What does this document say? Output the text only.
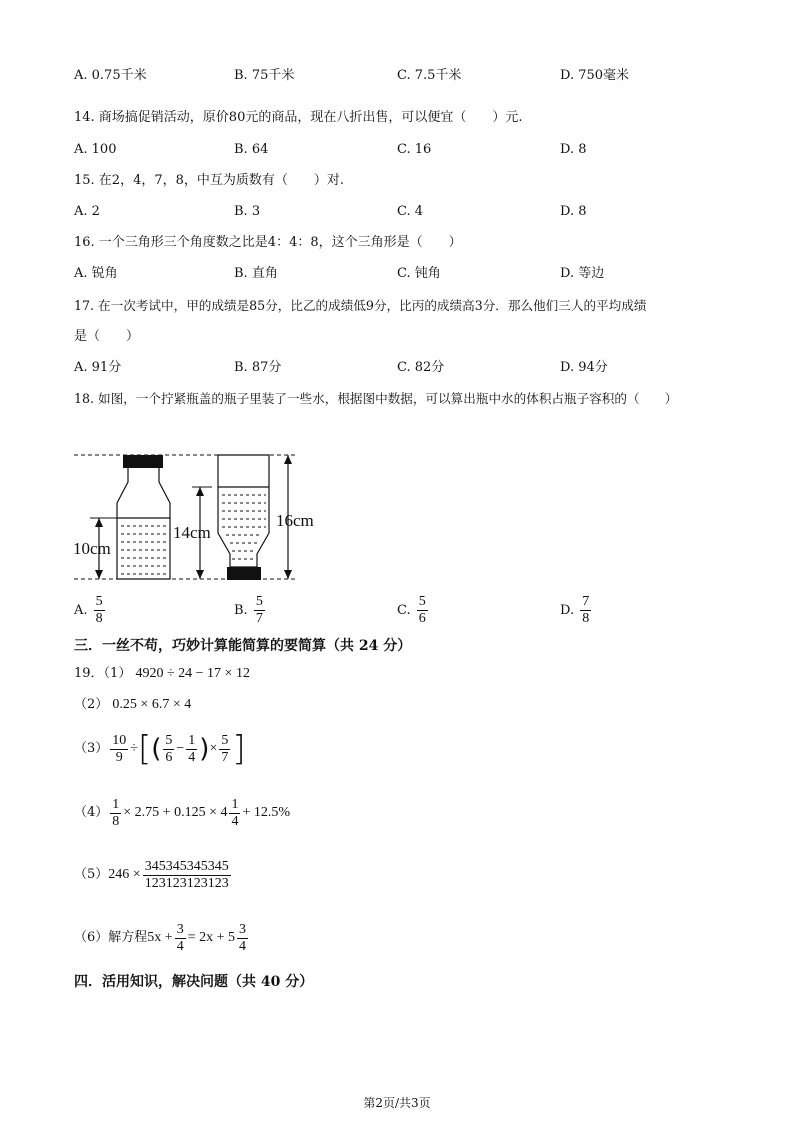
A. 0.75千米	B. 75千米	C. 7.5千米	D. 750毫米
14. 商场搞促销活动，原价80元的商品，现在八折出售，可以便宜（　　）元.
A. 100	B. 64	C. 16	D. 8
15. 在2，4，7，8，中互为质数有（　　）对.
A. 2	B. 3	C. 4	D. 8
16. 一个三角形三个角度数之比是4：4：8，这个三角形是（　　）
A. 锐角	B. 直角	C. 钝角	D. 等边
17. 在一次考试中，甲的成绩是85分，比乙的成绩低9分，比丙的成绩高3分．那么他们三人的平均成绩
是（　　）
A. 91分	B. 87分	C. 82分	D. 94分
18. 如图，一个拧紧瓶盖的瓶子里装了一些水，根据图中数据，可以算出瓶中水的体积占瓶子容积的（　　）
10cm
14cm
16cm
A. $\frac{5}{8}$	B. $\frac{5}{7}$	C. $\frac{5}{6}$	D. $\frac{7}{8}$
三．一丝不苟，巧妙计算能简算的要简算（共 24 分）
19．（1） 4920 ÷ 24 − 17 × 12
（2） 0.25 × 6.7 × 4
$(3) \frac{10}{9}$ ÷ [ ( $\frac{5}{6} - \frac{1}{4}$ ) × $\frac{5}{7}$ ]
$(4) \frac{1}{8} \times 2.75 + 0.125 \times 4 \frac{1}{4} + 12.5\%$
（5） $246 \times \frac{345345345345}{123123123123}$
（6）解方程 $5x + \frac{3}{4} = 2x + 5 \frac{3}{4}$
四．活用知识，解决问题（共 40 分）
第2页/共3页
